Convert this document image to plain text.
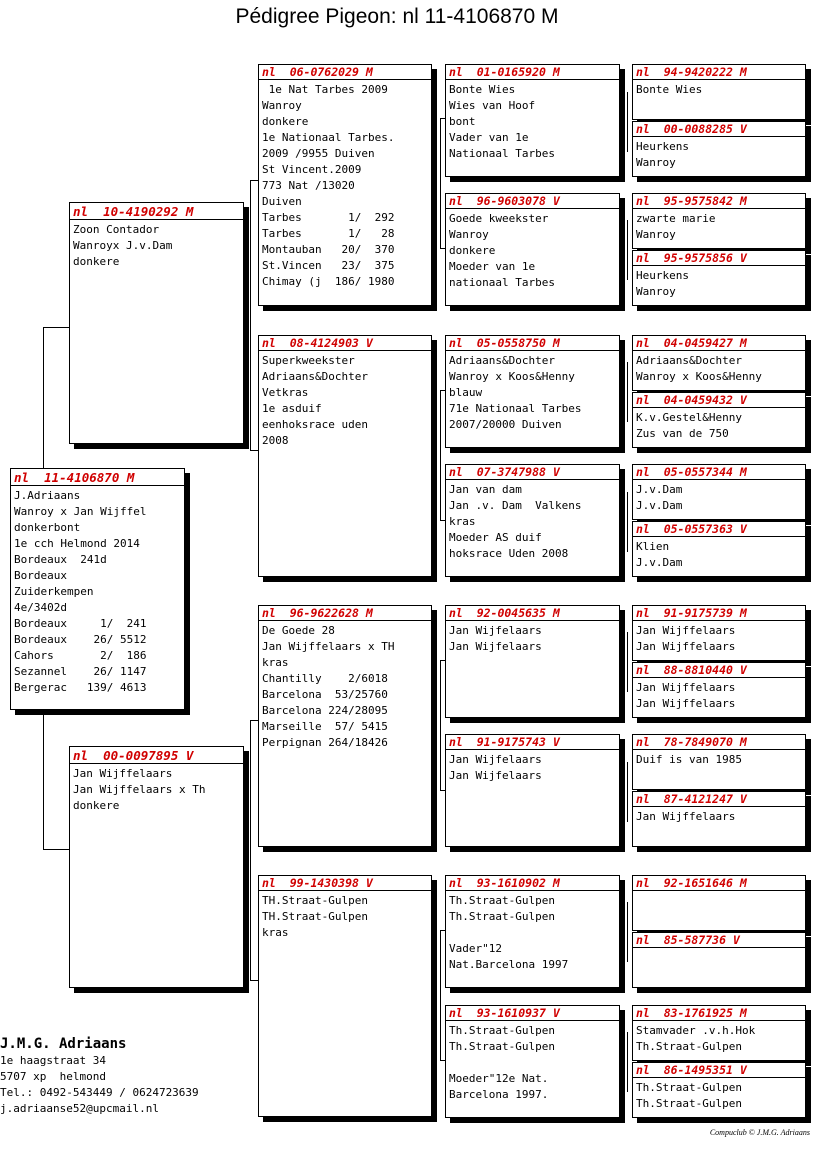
Pédigree Pigeon: nl 11-4106870 M
nl  11-4106870 M
J.Adriaans
Wanroy x Jan Wijffel
donkerbont
1e cch Helmond 2014
Bordeaux  241d
Bordeaux
Zuiderkempen
4e/3402d
Bordeaux     1/  241
Bordeaux    26/ 5512
Cahors       2/  186
Sezannel    26/ 1147
Bergerac   139/ 4613
nl  10-4190292 M
Zoon Contador
Wanroyx J.v.Dam
donkere
nl  00-0097895 V
Jan Wijffelaars
Jan Wijffelaars x Th
donkere
nl  06-0762029 M
1e Nat Tarbes 2009
Wanroy
donkere
1e Nationaal Tarbes.
2009 /9955 Duiven
St Vincent.2009
773 Nat /13020
Duiven
Tarbes       1/  292
Tarbes       1/   28
Montauban   20/  370
St.Vincen   23/  375
Chimay (j  186/ 1980
nl  08-4124903 V
Superkweekster
Adriaans&Dochter
Vetkras
1e asduif
eenhoksrace uden
2008
nl  96-9622628 M
De Goede 28
Jan Wijffelaars x TH
kras
Chantilly    2/6018
Barcelona  53/25760
Barcelona 224/28095
Marseille  57/ 5415
Perpignan 264/18426
nl  99-1430398 V
TH.Straat-Gulpen
TH.Straat-Gulpen
kras
nl  01-0165920 M
Bonte Wies
Wies van Hoof
bont
Vader van 1e
Nationaal Tarbes
nl  96-9603078 V
Goede kweekster
Wanroy
donkere
Moeder van 1e
nationaal Tarbes
nl  05-0558750 M
Adriaans&Dochter
Wanroy x Koos&Henny
blauw
71e Nationaal Tarbes
2007/20000 Duiven
nl  07-3747988 V
Jan van dam
Jan .v. Dam  Valkens
kras
Moeder AS duif
hoksrace Uden 2008
nl  92-0045635 M
Jan Wijfelaars
Jan Wijfelaars
nl  91-9175743 V
Jan Wijfelaars
Jan Wijfelaars
nl  93-1610902 M
Th.Straat-Gulpen
Th.Straat-Gulpen
Vader"12
Nat.Barcelona 1997
nl  93-1610937 V
Th.Straat-Gulpen
Th.Straat-Gulpen
Moeder"12e Nat.
Barcelona 1997.
nl  94-9420222 M
Bonte Wies
nl  00-0088285 V
Heurkens
Wanroy
nl  95-9575842 M
zwarte marie
Wanroy
nl  95-9575856 V
Heurkens
Wanroy
nl  04-0459427 M
Adriaans&Dochter
Wanroy x Koos&Henny
nl  04-0459432 V
K.v.Gestel&Henny
Zus van de 750
nl  05-0557344 M
J.v.Dam
J.v.Dam
nl  05-0557363 V
Klien
J.v.Dam
nl  91-9175739 M
Jan Wijffelaars
Jan Wijffelaars
nl  88-8810440 V
Jan Wijffelaars
Jan Wijffelaars
nl  78-7849070 M
Duif is van 1985
nl  87-4121247 V
Jan Wijffelaars
nl  92-1651646 M
nl  85-587736 V
nl  83-1761925 M
Stamvader .v.h.Hok
Th.Straat-Gulpen
nl  86-1495351 V
Th.Straat-Gulpen
Th.Straat-Gulpen
J.M.G. Adriaans
1e haagstraat 34
5707 xp  helmond
Tel.: 0492-543449 / 0624723639
j.adriaanse52@upcmail.nl
Compuclub © J.M.G. Adriaans
